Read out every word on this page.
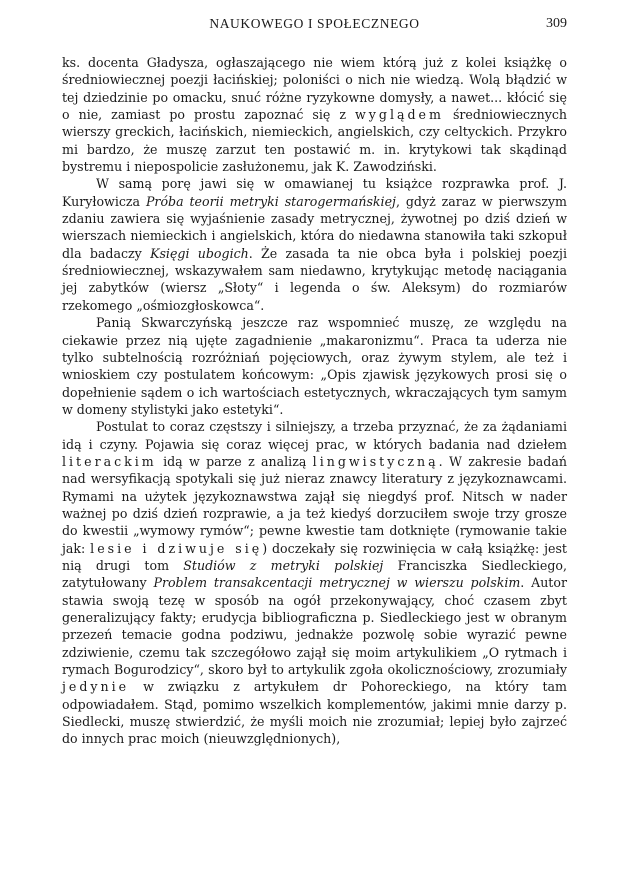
NAUKOWEGO I SPOŁECZNEGO	309

ks. docenta Gładysza, ogłaszającego nie wiem którą już z kolei książkę o średniowiecznej poezji łacińskiej; poloniści o nich nie wiedzą. Wolą błądzić w tej dziedzinie po omacku, snuć różne ryzykowne domysły, a nawet... kłócić się o nie, zamiast po prostu zapoznać się z wyglądem średniowiecznych wierszy greckich, łacińskich, niemieckich, angielskich, czy celtyckich. Przykro mi bardzo, że muszę zarzut ten postawić m. in. krytykowi tak skądinąd bystremu i niepospolicie zasłużonemu, jak K. Zawodziński.

W samą porę jawi się w omawianej tu książce rozprawka prof. J. Kuryłowicza Próba teorii metryki starogermańskiej, gdyż zaraz w pierwszym zdaniu zawiera się wyjaśnienie zasady metrycznej, żywotnej po dziś dzień w wierszach niemieckich i angielskich, która do niedawna stanowiła taki szkopuł dla badaczy Księgi ubogich. Że zasada ta nie obca była i polskiej poezji średniowiecznej, wskazywałem sam niedawno, krytykując metodę naciągania jej zabytków (wiersz „Słoty“ i legenda o św. Aleksym) do rozmiarów rzekomego „ośmiozgłoskowca“.

Panią Skwarczyńską jeszcze raz wspomnieć muszę, ze względu na ciekawie przez nią ujęte zagadnienie „makaronizmu“. Praca ta uderza nie tylko subtelnością rozróżniań pojęciowych, oraz żywym stylem, ale też i wnioskiem czy postulatem końcowym: „Opis zjawisk językowych prosi się o dopełnienie sądem o ich wartościach estetycznych, wkraczających tym samym w domeny stylistyki jako estetyki“.

Postulat to coraz częstszy i silniejszy, a trzeba przyznać, że za żądaniami idą i czyny. Pojawia się coraz więcej prac, w których badania nad dziełem literackim idą w parze z analizą lingwistyczną. W zakresie badań nad wersyfikacją spotykali się już nieraz znawcy literatury z językoznawcami. Rymami na użytek językoznawstwa zajął się niegdyś prof. Nitsch w nader ważnej po dziś dzień rozprawie, a ja też kiedyś dorzuciłem swoje trzy grosze do kwestii „wymowy rymów“; pewne kwestie tam dotknięte (rymowanie takie jak: lesie i dziwuje się) doczekały się rozwinięcia w całą książkę: jest nią drugi tom Studiów z metryki polskiej Franciszka Siedleckiego, zatytułowany Problem transakcentacji metrycznej w wierszu polskim. Autor stawia swoją tezę w sposób na ogół przekonywający, choć czasem zbyt generalizujący fakty; erudycja bibliograficzna p. Siedleckiego jest w obranym przezeń temacie godna podziwu, jednakże pozwolę sobie wyrazić pewne zdziwienie, czemu tak szczegółowo zajął się moim artykulikiem „O rytmach i rymach Bogurodzicy“, skoro był to artykulik zgoła okolicznościowy, zrozumiały jedynie w związku z artykułem dr Pohoreckiego, na który tam odpowiadałem. Stąd, pomimo wszelkich komplementów, jakimi mnie darzy p. Siedlecki, muszę stwierdzić, że myśli moich nie zrozumiał; lepiej było zajrzeć do innych prac moich (nieuwzględnionych),
